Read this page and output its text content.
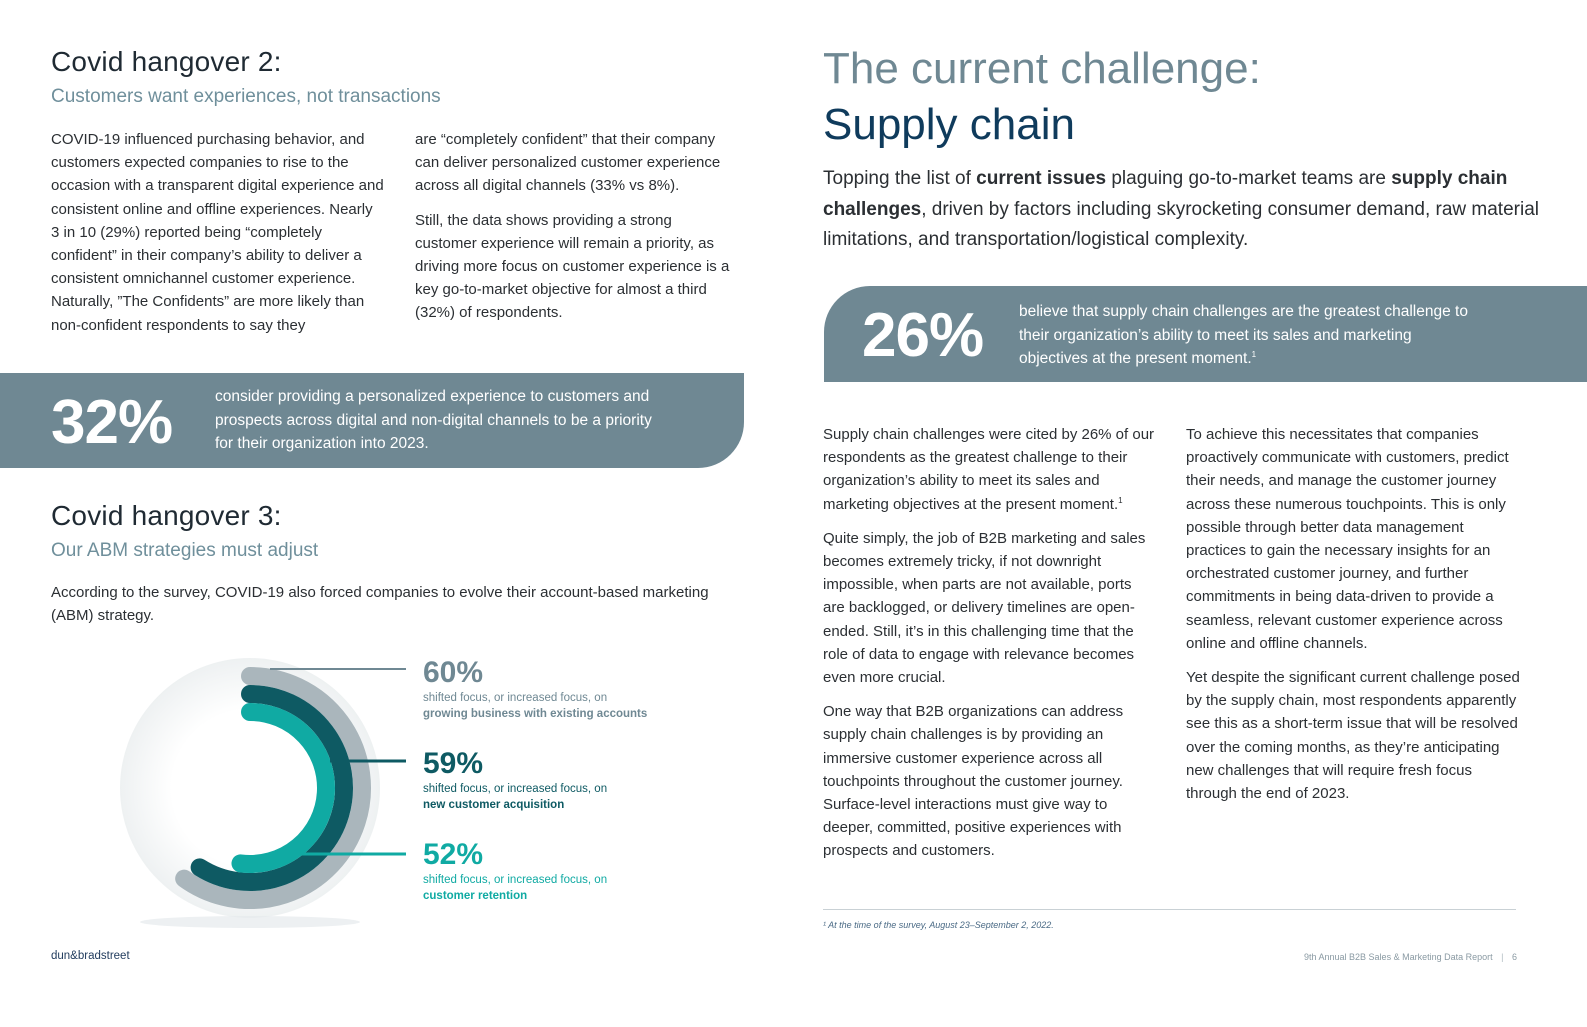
Covid hangover 2:
Customers want experiences, not transactions

COVID-19 influenced purchasing behavior, and customers expected companies to rise to the occasion with a transparent digital experience and consistent online and offline experiences. Nearly 3 in 10 (29%) reported being “completely confident” in their company’s ability to deliver a consistent omnichannel customer experience. Naturally, ”The Confidents” are more likely than non-confident respondents to say they

are “completely confident” that their company can deliver personalized customer experience across all digital channels (33% vs 8%).

Still, the data shows providing a strong customer experience will remain a priority, as driving more focus on customer experience is a key go-to-market objective for almost a third (32%) of respondents.

32%	consider providing a personalized experience to customers and prospects across digital and non-digital channels to be a priority for their organization into 2023.
Covid hangover 3:
Our ABM strategies must adjust

According to the survey, COVID-19 also forced companies to evolve their account-based marketing (ABM) strategy.

60%
shifted focus, or increased focus, on
growing business with existing accounts
59%
shifted focus, or increased focus, on
new customer acquisition
52%
shifted focus, or increased focus, on
customer retention
dun&bradstreet
The current challenge:
Supply chain
Topping the list of current issues plaguing go-to-market teams are supply chain challenges, driven by factors including skyrocketing consumer demand, raw material limitations, and transportation/logistical complexity.
26% believe that supply chain challenges are the greatest challenge to their organization’s ability to meet its sales and marketing objectives at the present moment.$^1$

Supply chain challenges were cited by 26% of our respondents as the greatest challenge to their organization’s ability to meet its sales and marketing objectives at the present moment.$^1$

Quite simply, the job of B2B marketing and sales becomes extremely tricky, if not downright impossible, when parts are not available, ports are backlogged, or delivery timelines are open-ended. Still, it’s in this challenging time that the role of data to engage with relevance becomes even more crucial.

One way that B2B organizations can address supply chain challenges is by providing an immersive customer experience across all touchpoints throughout the customer journey. Surface-level interactions must give way to deeper, committed, positive experiences with prospects and customers.

To achieve this necessitates that companies proactively communicate with customers, predict their needs, and manage the customer journey across these numerous touchpoints. This is only possible through better data management practices to gain the necessary insights for an orchestrated customer journey, and further commitments in being data-driven to provide a seamless, relevant customer experience across online and offline channels.

Yet despite the significant current challenge posed by the supply chain, most respondents apparently see this as a short-term issue that will be resolved over the coming months, as they’re anticipating new challenges that will require fresh focus through the end of 2023.

¹ At the time of the survey, August 23–September 2, 2022.
9th Annual B2B Sales & Marketing Data Report | 6
